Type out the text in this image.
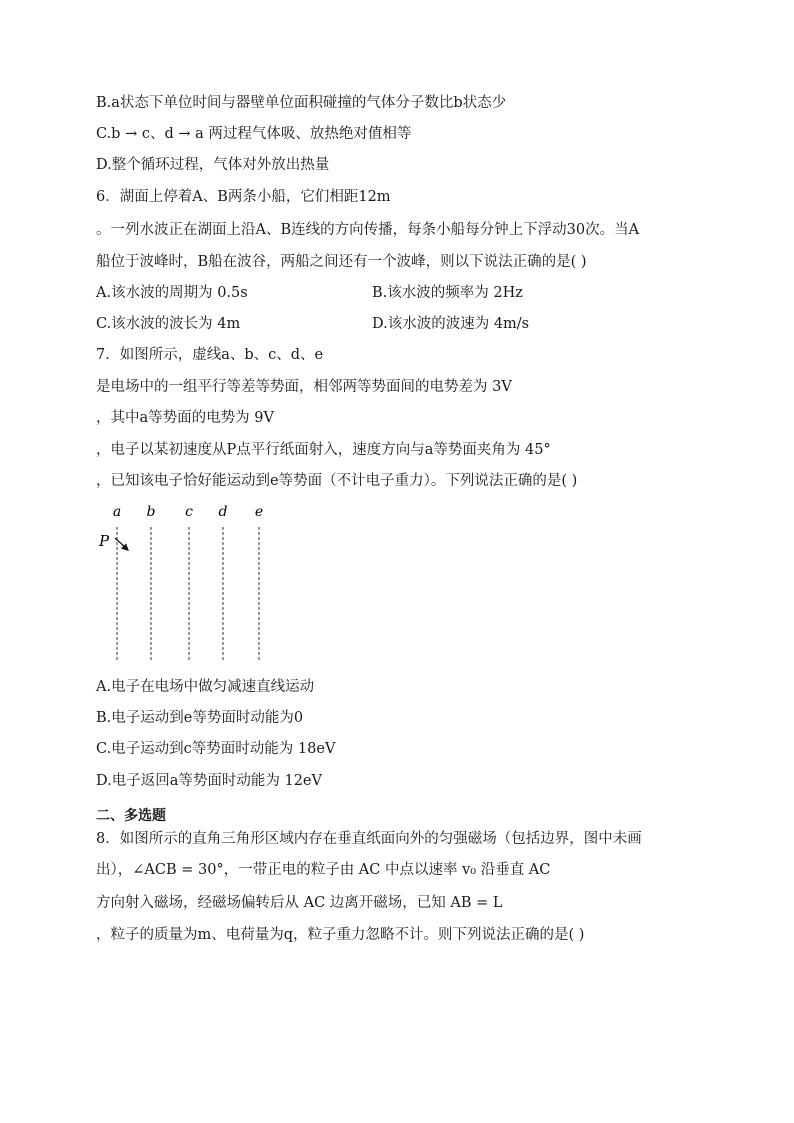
B.a状态下单位时间与器壁单位面积碰撞的气体分子数比b状态少
C.b → c、d → a 两过程气体吸、放热绝对值相等
D.整个循环过程，气体对外放出热量
6．湖面上停着A、B两条小船，它们相距12m
。一列水波正在湖面上沿A、B连线的方向传播，每条小船每分钟上下浮动30次。当A
船位于波峰时，B船在波谷，两船之间还有一个波峰，则以下说法正确的是( )
A.该水波的周期为 0.5s	B.该水波的频率为 2Hz
C.该水波的波长为 4m	D.该水波的波速为 4m/s
7．如图所示，虚线a、b、c、d、e
是电场中的一组平行等差等势面，相邻两等势面间的电势差为 3V
，其中a等势面的电势为 9V
，电子以某初速度从P点平行纸面射入，速度方向与a等势面夹角为 45°
，已知该电子恰好能运动到e等势面（不计电子重力）。下列说法正确的是( )
a b c d e
P
A.电子在电场中做匀减速直线运动
B.电子运动到e等势面时动能为0
C.电子运动到c等势面时动能为 18eV
D.电子返回a等势面时动能为 12eV
二、多选题
8．如图所示的直角三角形区域内存在垂直纸面向外的匀强磁场（包括边界，图中未画
出），∠ACB = 30°，一带正电的粒子由 AC 中点以速率 v₀ 沿垂直 AC
方向射入磁场，经磁场偏转后从 AC 边离开磁场，已知 AB = L
，粒子的质量为m、电荷量为q，粒子重力忽略不计。则下列说法正确的是( )
